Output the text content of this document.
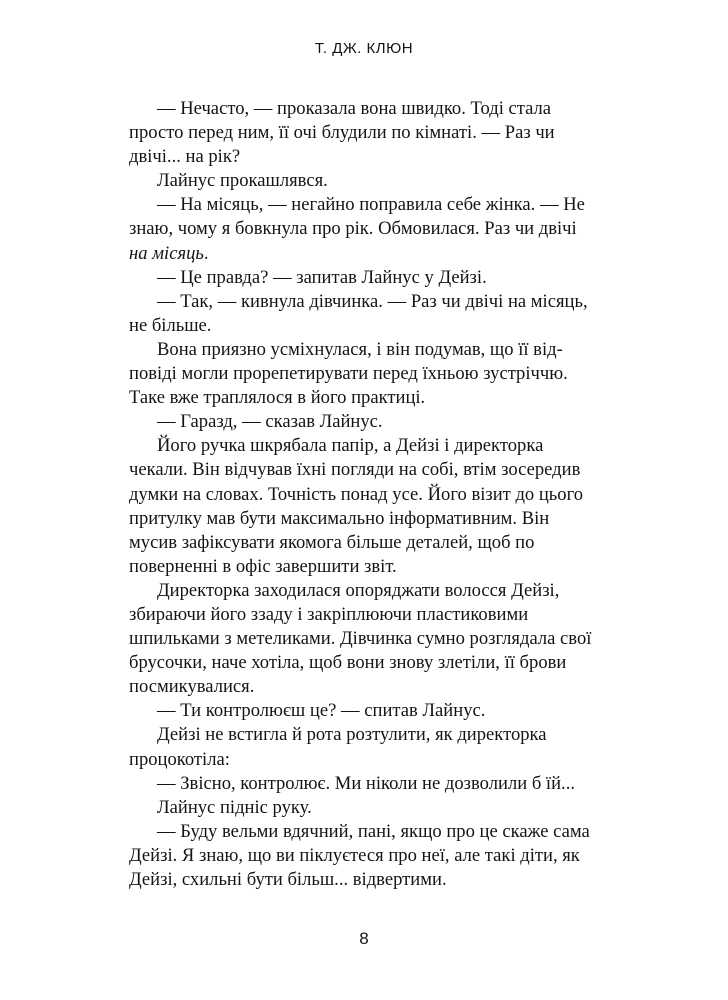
Т. ДЖ. КЛЮН

— Нечасто, — проказала вона швидко. Тоді стала просто перед ним, її очі блудили по кімнаті. — Раз чи двічі... на рік?

Лайнус прокашлявся.

— На місяць, — негайно поправила себе жінка. — Не знаю, чому я бовкнула про рік. Обмовилася. Раз чи двічі на місяць.

— Це правда? — запитав Лайнус у Дейзі.

— Так, — кивнула дівчинка. — Раз чи двічі на місяць, не більше.

Вона приязно усміхнулася, і він подумав, що її відповіді могли прорепетирувати перед їхньою зустріччю. Таке вже траплялося в його практиці.

— Гаразд, — сказав Лайнус.

Його ручка шкрябала папір, а Дейзі і директорка чекали. Він відчував їхні погляди на собі, втім зосередив думки на словах. Точність понад усе. Його візит до цього притулку мав бути максимально інформативним. Він мусив зафіксувати якомога більше деталей, щоб по поверненні в офіс завершити звіт.

Директорка заходилася опоряджати волосся Дейзі, збираючи його ззаду і закріплюючи пластиковими шпильками з метеликами. Дівчинка сумно розглядала свої брусочки, наче хотіла, щоб вони знову злетіли, її брови посмикувалися.

— Ти контролюєш це? — спитав Лайнус.

Дейзі не встигла й рота розтулити, як директорка процокотіла:

— Звісно, контролює. Ми ніколи не дозволили б їй...

Лайнус підніс руку.

— Буду вельми вдячний, пані, якщо про це скаже сама Дейзі. Я знаю, що ви піклуєтеся про неї, але такі діти, як Дейзі, схильні бути більш... відвертими.

8
